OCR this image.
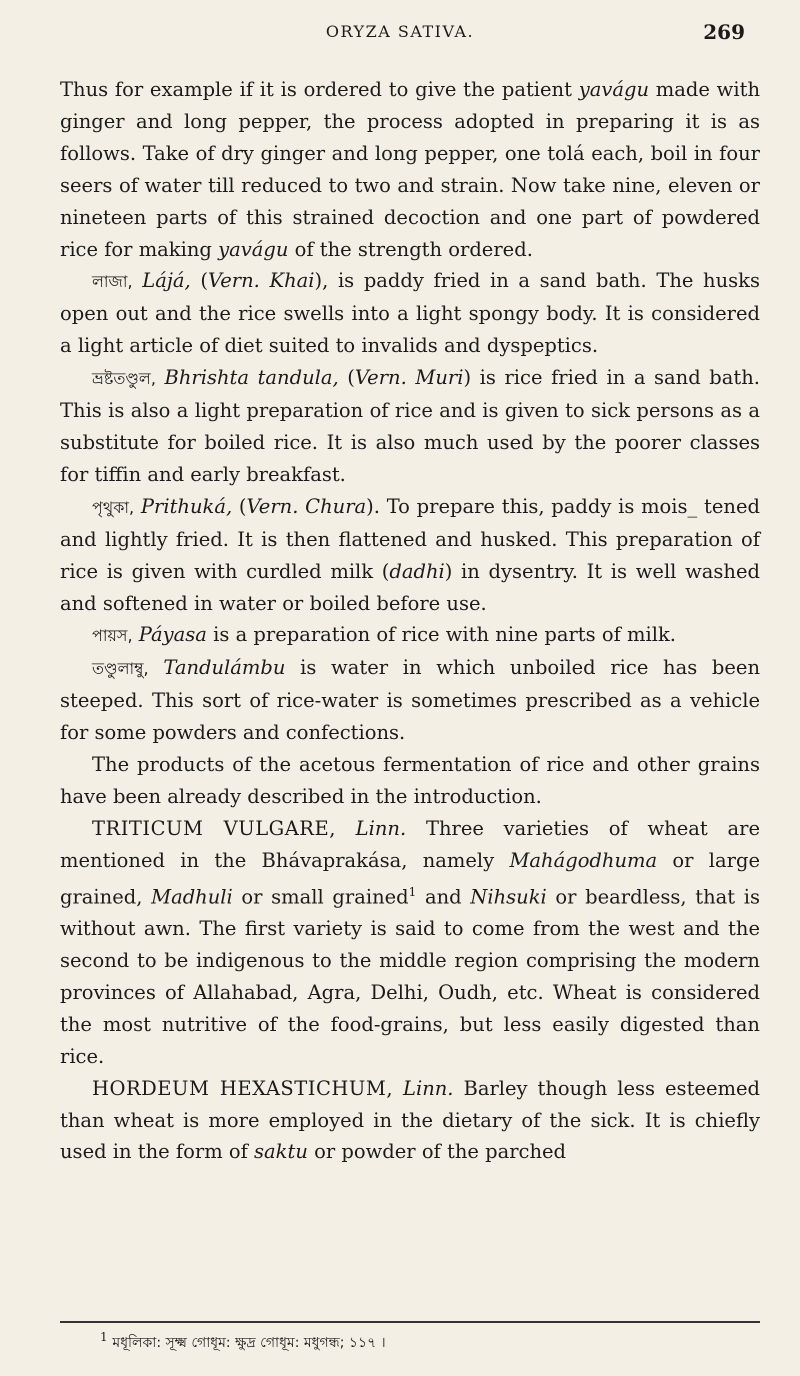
ORYZA SATIVA.	269

Thus for example if it is ordered to give the patient yavágu made with ginger and long pepper, the process adopted in preparing it is as follows. Take of dry ginger and long pepper, one tolá each, boil in four seers of water till reduced to two and strain. Now take nine, eleven or nineteen parts of this strained decoction and one part of powdered rice for making yavágu of the strength ordered.

লাজা, Lájá, (Vern. Khai), is paddy fried in a sand bath. The husks open out and the rice swells into a light spongy body. It is considered a light article of diet suited to invalids and dyspeptics.

ভ্রষ্টতণ্ডুল, Bhrishta tandula, (Vern. Muri) is rice fried in a sand bath. This is also a light preparation of rice and is given to sick persons as a substitute for boiled rice. It is also much used by the poorer classes for tiffin and early breakfast.

পৃথুকা, Prithuká, (Vern. Chura). To prepare this, paddy is mois_ tened and lightly fried. It is then flattened and husked. This preparation of rice is given with curdled milk (dadhi) in dysentry. It is well washed and softened in water or boiled before use.

পায়স, Páyasa is a preparation of rice with nine parts of milk.

তণ্ডুলাম্বু, Tandulámbu is water in which unboiled rice has been steeped. This sort of rice-water is sometimes prescribed as a vehicle for some powders and confections.

The products of the acetous fermentation of rice and other grains have been already described in the introduction.

TRITICUM VULGARE, Linn. Three varieties of wheat are mentioned in the Bhávaprakása, namely Mahágodhuma or large grained, Madhuli or small grained$^1$ and Nihsuki or beardless, that is without awn. The first variety is said to come from the west and the second to be indigenous to the middle region comprising the modern provinces of Allahabad, Agra, Delhi, Oudh, etc. Wheat is considered the most nutritive of the food-grains, but less easily digested than rice.

HORDEUM HEXASTICHUM, Linn. Barley though less esteemed than wheat is more employed in the dietary of the sick. It is chiefly used in the form of saktu or powder of the parched

$^1$ মধূলিকা: সূক্ষ্ম গোধূম: ক্ষুদ্র গোধূম: মধুগন্ধ; ১১৭ ।
